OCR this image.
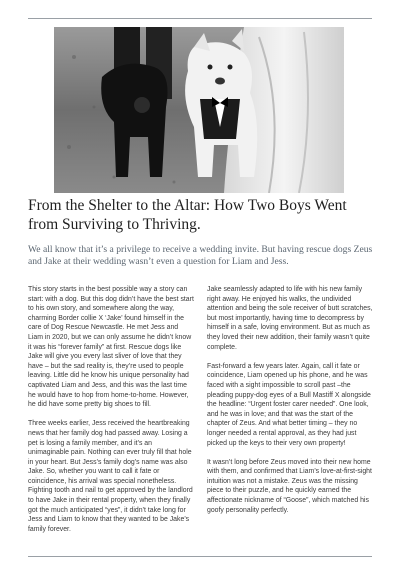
From the Shelter to the Altar: How Two Boys Went from Surviving to Thriving.

We all know that it’s a privilege to receive a wedding invite. But having rescue dogs Zeus and Jake at their wedding wasn’t even a question for Liam and Jess.

This story starts in the best possible way a story can start: with a dog. But this dog didn’t have the best start to his own story, and somewhere along the way, charming Border collie X ‘Jake’ found himself in the care of Dog Rescue Newcastle. He met Jess and Liam in 2020, but we can only assume he didn’t know it was his “forever family” at first. Rescue dogs like Jake will give you every last sliver of love that they have – but the sad reality is, they’re used to people leaving. Little did he know his unique personality had captivated Liam and Jess, and this was the last time he would have to hop from home-to-home. However, he did have some pretty big shoes to fill.

Three weeks earlier, Jess received the heartbreaking news that her family dog had passed away. Losing a pet is losing a family member, and it’s an unimaginable pain. Nothing can ever truly fill that hole in your heart. But Jess’s family dog’s name was also Jake. So, whether you want to call it fate or coincidence, his arrival was special nonetheless. Fighting tooth and nail to get approved by the landlord to have Jake in their rental property, when they finally got the much anticipated “yes”, it didn’t take long for Jess and Liam to know that they wanted to be Jake’s family forever.

Jake seamlessly adapted to life with his new family right away. He enjoyed his walks, the undivided attention and being the sole receiver of butt scratches, but most importantly, having time to decompress by himself in a safe, loving environment. But as much as they loved their new addition, their family wasn’t quite complete.

Fast-forward a few years later. Again, call it fate or coincidence, Liam opened up his phone, and he was faced with a sight impossible to scroll past –the pleading puppy-dog eyes of a Bull Mastiff X alongside the headline: “Urgent foster carer needed”. One look, and he was in love; and that was the start of the chapter of Zeus. And what better timing – they no longer needed a rental approval, as they had just picked up the keys to their very own property!

It wasn’t long before Zeus moved into their new home with them, and confirmed that Liam’s love-at-first-sight intuition was not a mistake. Zeus was the missing piece to their puzzle, and he quickly earned the affectionate nickname of “Goose”, which matched his goofy personality perfectly.
